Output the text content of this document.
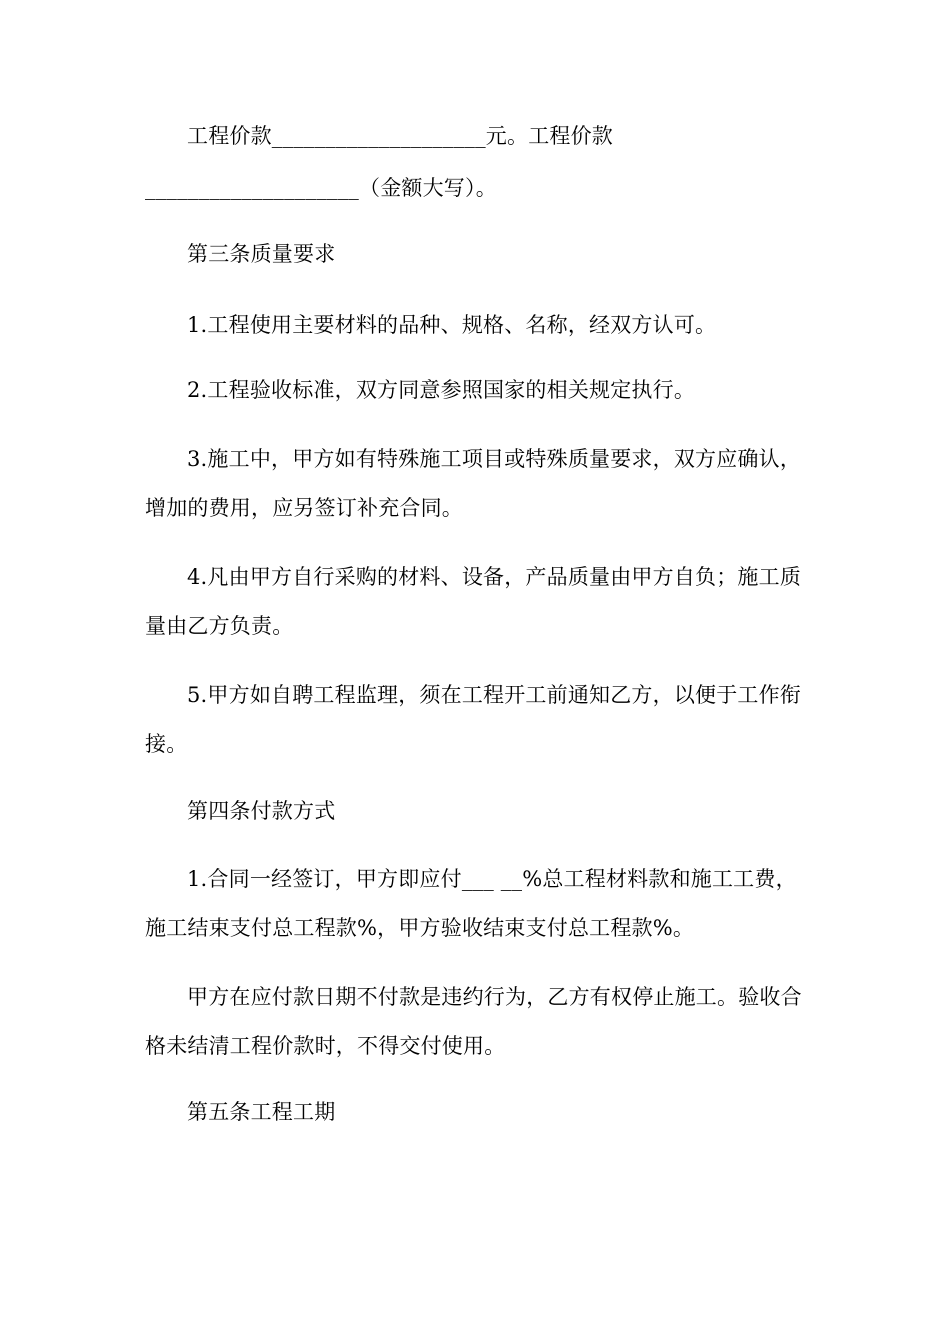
工程价款____________________元。工程价款
____________________（金额大写）。
第三条质量要求
1.工程使用主要材料的品种、规格、名称，经双方认可。
2.工程验收标准，双方同意参照国家的相关规定执行。
3.施工中，甲方如有特殊施工项目或特殊质量要求，双方应确认，
增加的费用，应另签订补充合同。
4.凡由甲方自行采购的材料、设备，产品质量由甲方自负；施工质
量由乙方负责。
5.甲方如自聘工程监理，须在工程开工前通知乙方，以便于工作衔
接。
第四条付款方式
1.合同一经签订，甲方即应付___ __%总工程材料款和施工工费，
施工结束支付总工程款%，甲方验收结束支付总工程款%。
甲方在应付款日期不付款是违约行为，乙方有权停止施工。验收合
格未结清工程价款时，不得交付使用。
第五条工程工期
